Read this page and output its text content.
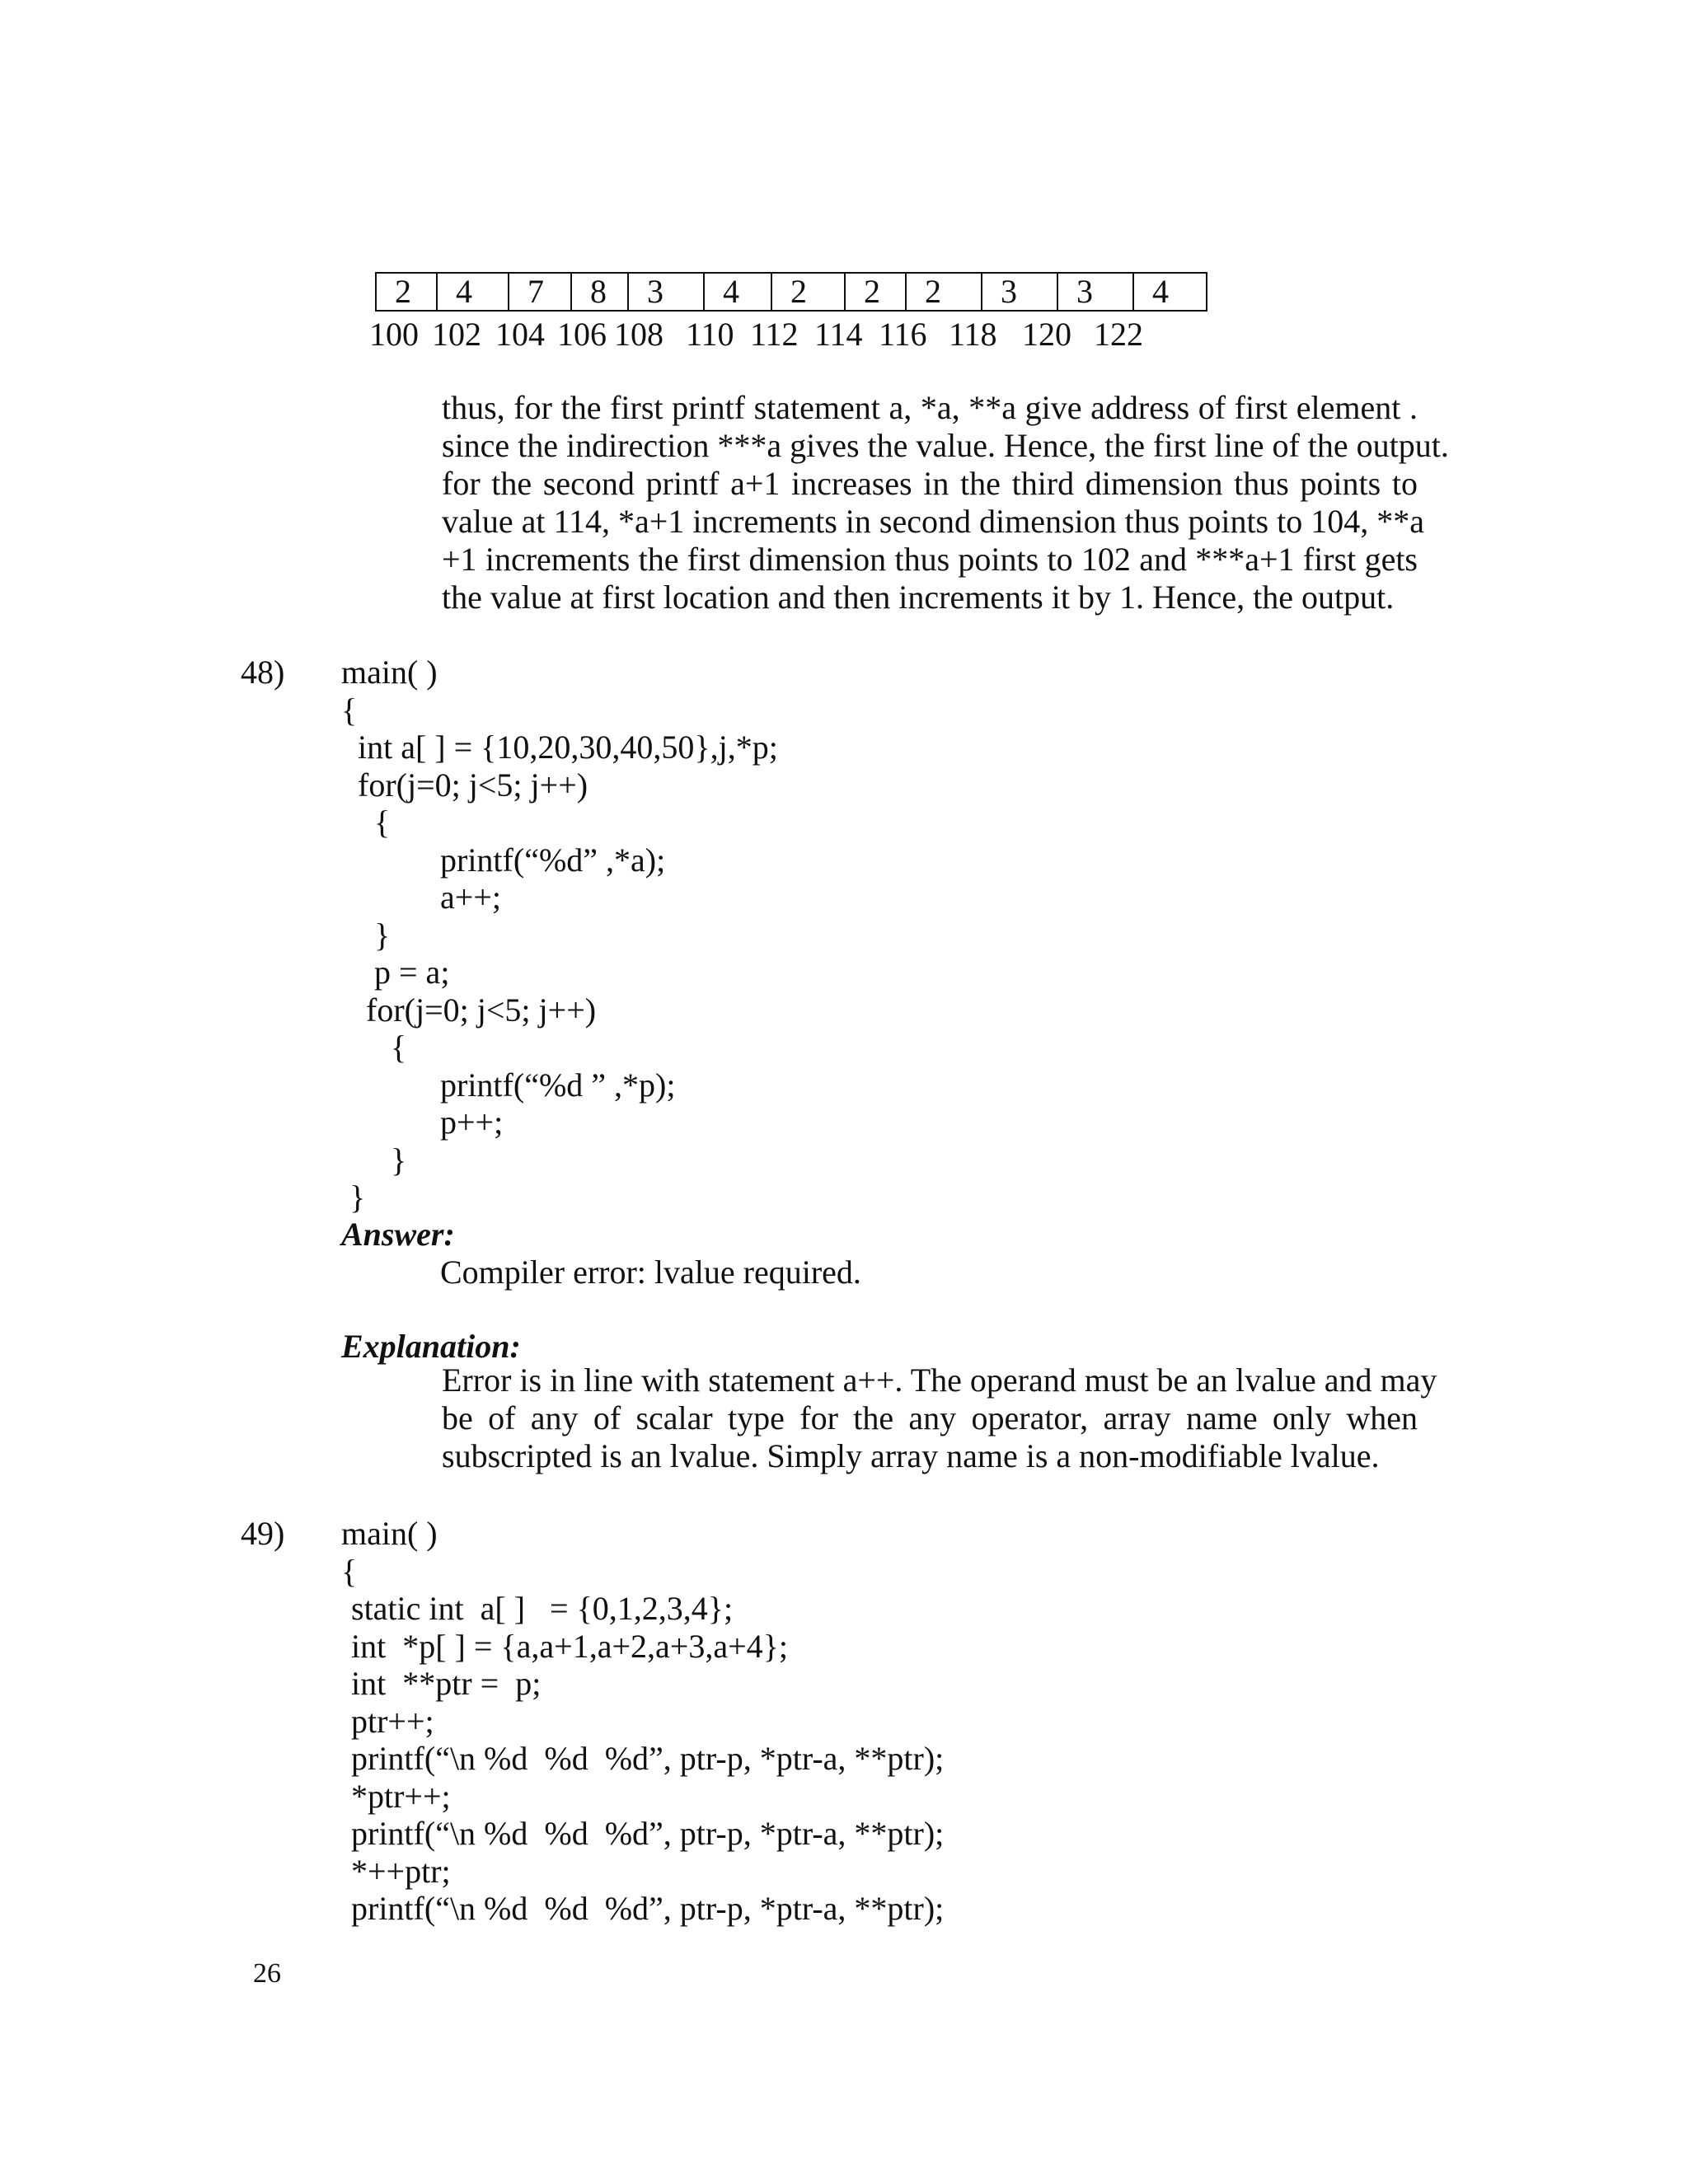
2	4	7	8	3	4	2	2	2	3	3	4
100 102 104 106 108 110 112 114 116 118 120 122
thus, for the first printf statement a, *a, **a give address of first element .
since the indirection ***a gives the value. Hence, the first line of the output.
for the second printf a+1 increases in the third dimension thus points to
value at 114, *a+1 increments in second dimension thus points to 104, **a
+1 increments the first dimension thus points to 102 and ***a+1 first gets
the value at first location and then increments it by 1. Hence, the output.
48) main( )
{
int a[ ] = {10,20,30,40,50},j,*p;
for(j=0; j<5; j++)
{
printf(“%d” ,*a);
a++;
}
p = a;
for(j=0; j<5; j++)
{
printf(“%d ” ,*p);
p++;
}
}
Answer:
Compiler error: lvalue required.
Explanation:
Error is in line with statement a++. The operand must be an lvalue and may
be of any of scalar type for the any operator, array name only when
subscripted is an lvalue. Simply array name is a non-modifiable lvalue.
49) main( )
{
static int  a[ ]   = {0,1,2,3,4};
int  *p[ ] = {a,a+1,a+2,a+3,a+4};
int  **ptr =  p;
ptr++;
printf(“\n %d  %d  %d”, ptr-p, *ptr-a, **ptr);
*ptr++;
printf(“\n %d  %d  %d”, ptr-p, *ptr-a, **ptr);
*++ptr;
printf(“\n %d  %d  %d”, ptr-p, *ptr-a, **ptr);
26
